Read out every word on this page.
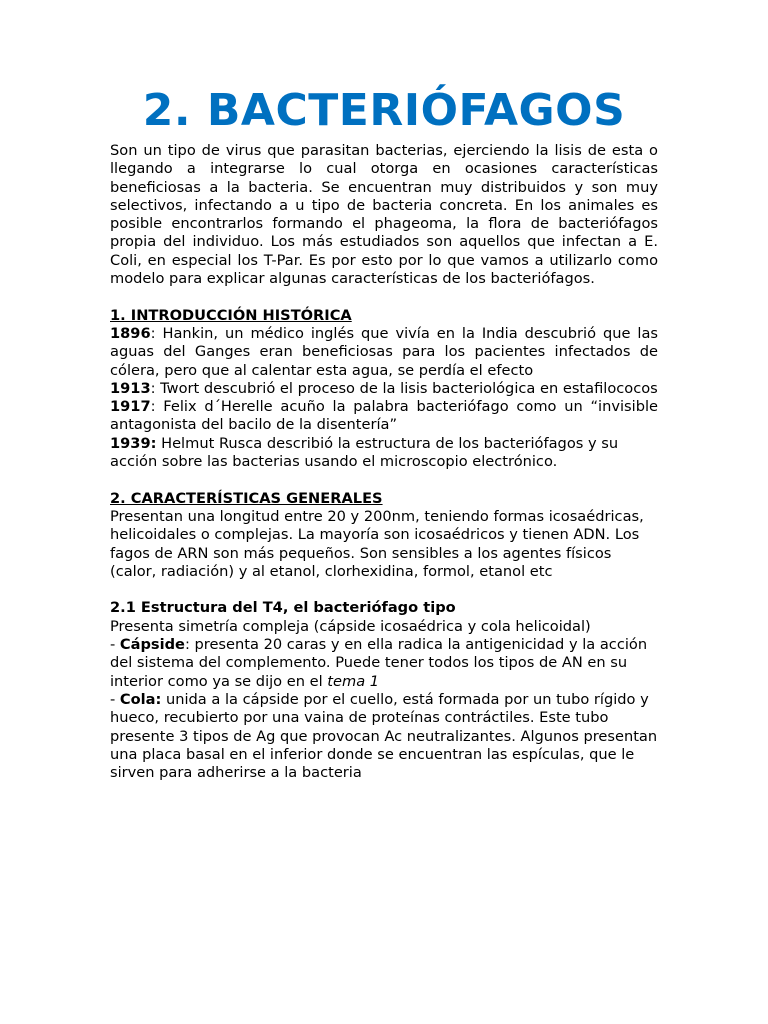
2. BACTERIÓFAGOS

Son un tipo de virus que parasitan bacterias, ejerciendo la lisis de esta o llegando a integrarse lo cual otorga en ocasiones características beneficiosas a la bacteria. Se encuentran muy distribuidos y son muy selectivos, infectando a u tipo de bacteria concreta. En los animales es posible encontrarlos formando el phageoma, la flora de bacteriófagos propia del individuo. Los más estudiados son aquellos que infectan a E. Coli, en especial los T-Par. Es por esto por lo que vamos a utilizarlo como modelo para explicar algunas características de los bacteriófagos.

1. INTRODUCCIÓN HISTÓRICA

1896: Hankin, un médico inglés que vivía en la India descubrió que las aguas del Ganges eran beneficiosas para los pacientes infectados de cólera, pero que al calentar esta agua, se perdía el efecto

1913: Twort descubrió el proceso de la lisis bacteriológica en estafilococos

1917: Felix d´Herelle acuño la palabra bacteriófago como un “invisible antagonista del bacilo de la disentería”

1939: Helmut Rusca describió la estructura de los bacteriófagos y su acción sobre las bacterias usando el microscopio electrónico.

2. CARACTERÍSTICAS GENERALES

Presentan una longitud entre 20 y 200nm, teniendo formas icosaédricas, helicoidales o complejas. La mayoría son icosaédricos y tienen ADN. Los fagos de ARN son más pequeños. Son sensibles a los agentes físicos (calor, radiación) y al etanol, clorhexidina, formol, etanol etc

2.1 Estructura del T4, el bacteriófago tipo

Presenta simetría compleja (cápside icosaédrica y cola helicoidal)

- Cápside: presenta 20 caras y en ella radica la antigenicidad y la acción del sistema del complemento. Puede tener todos los tipos de AN en su interior como ya se dijo en el tema 1

- Cola: unida a la cápside por el cuello, está formada por un tubo rígido y hueco, recubierto por una vaina de proteínas contráctiles. Este tubo presente 3 tipos de Ag que provocan Ac neutralizantes. Algunos presentan una placa basal en el inferior donde se encuentran las espículas, que le sirven para adherirse a la bacteria
